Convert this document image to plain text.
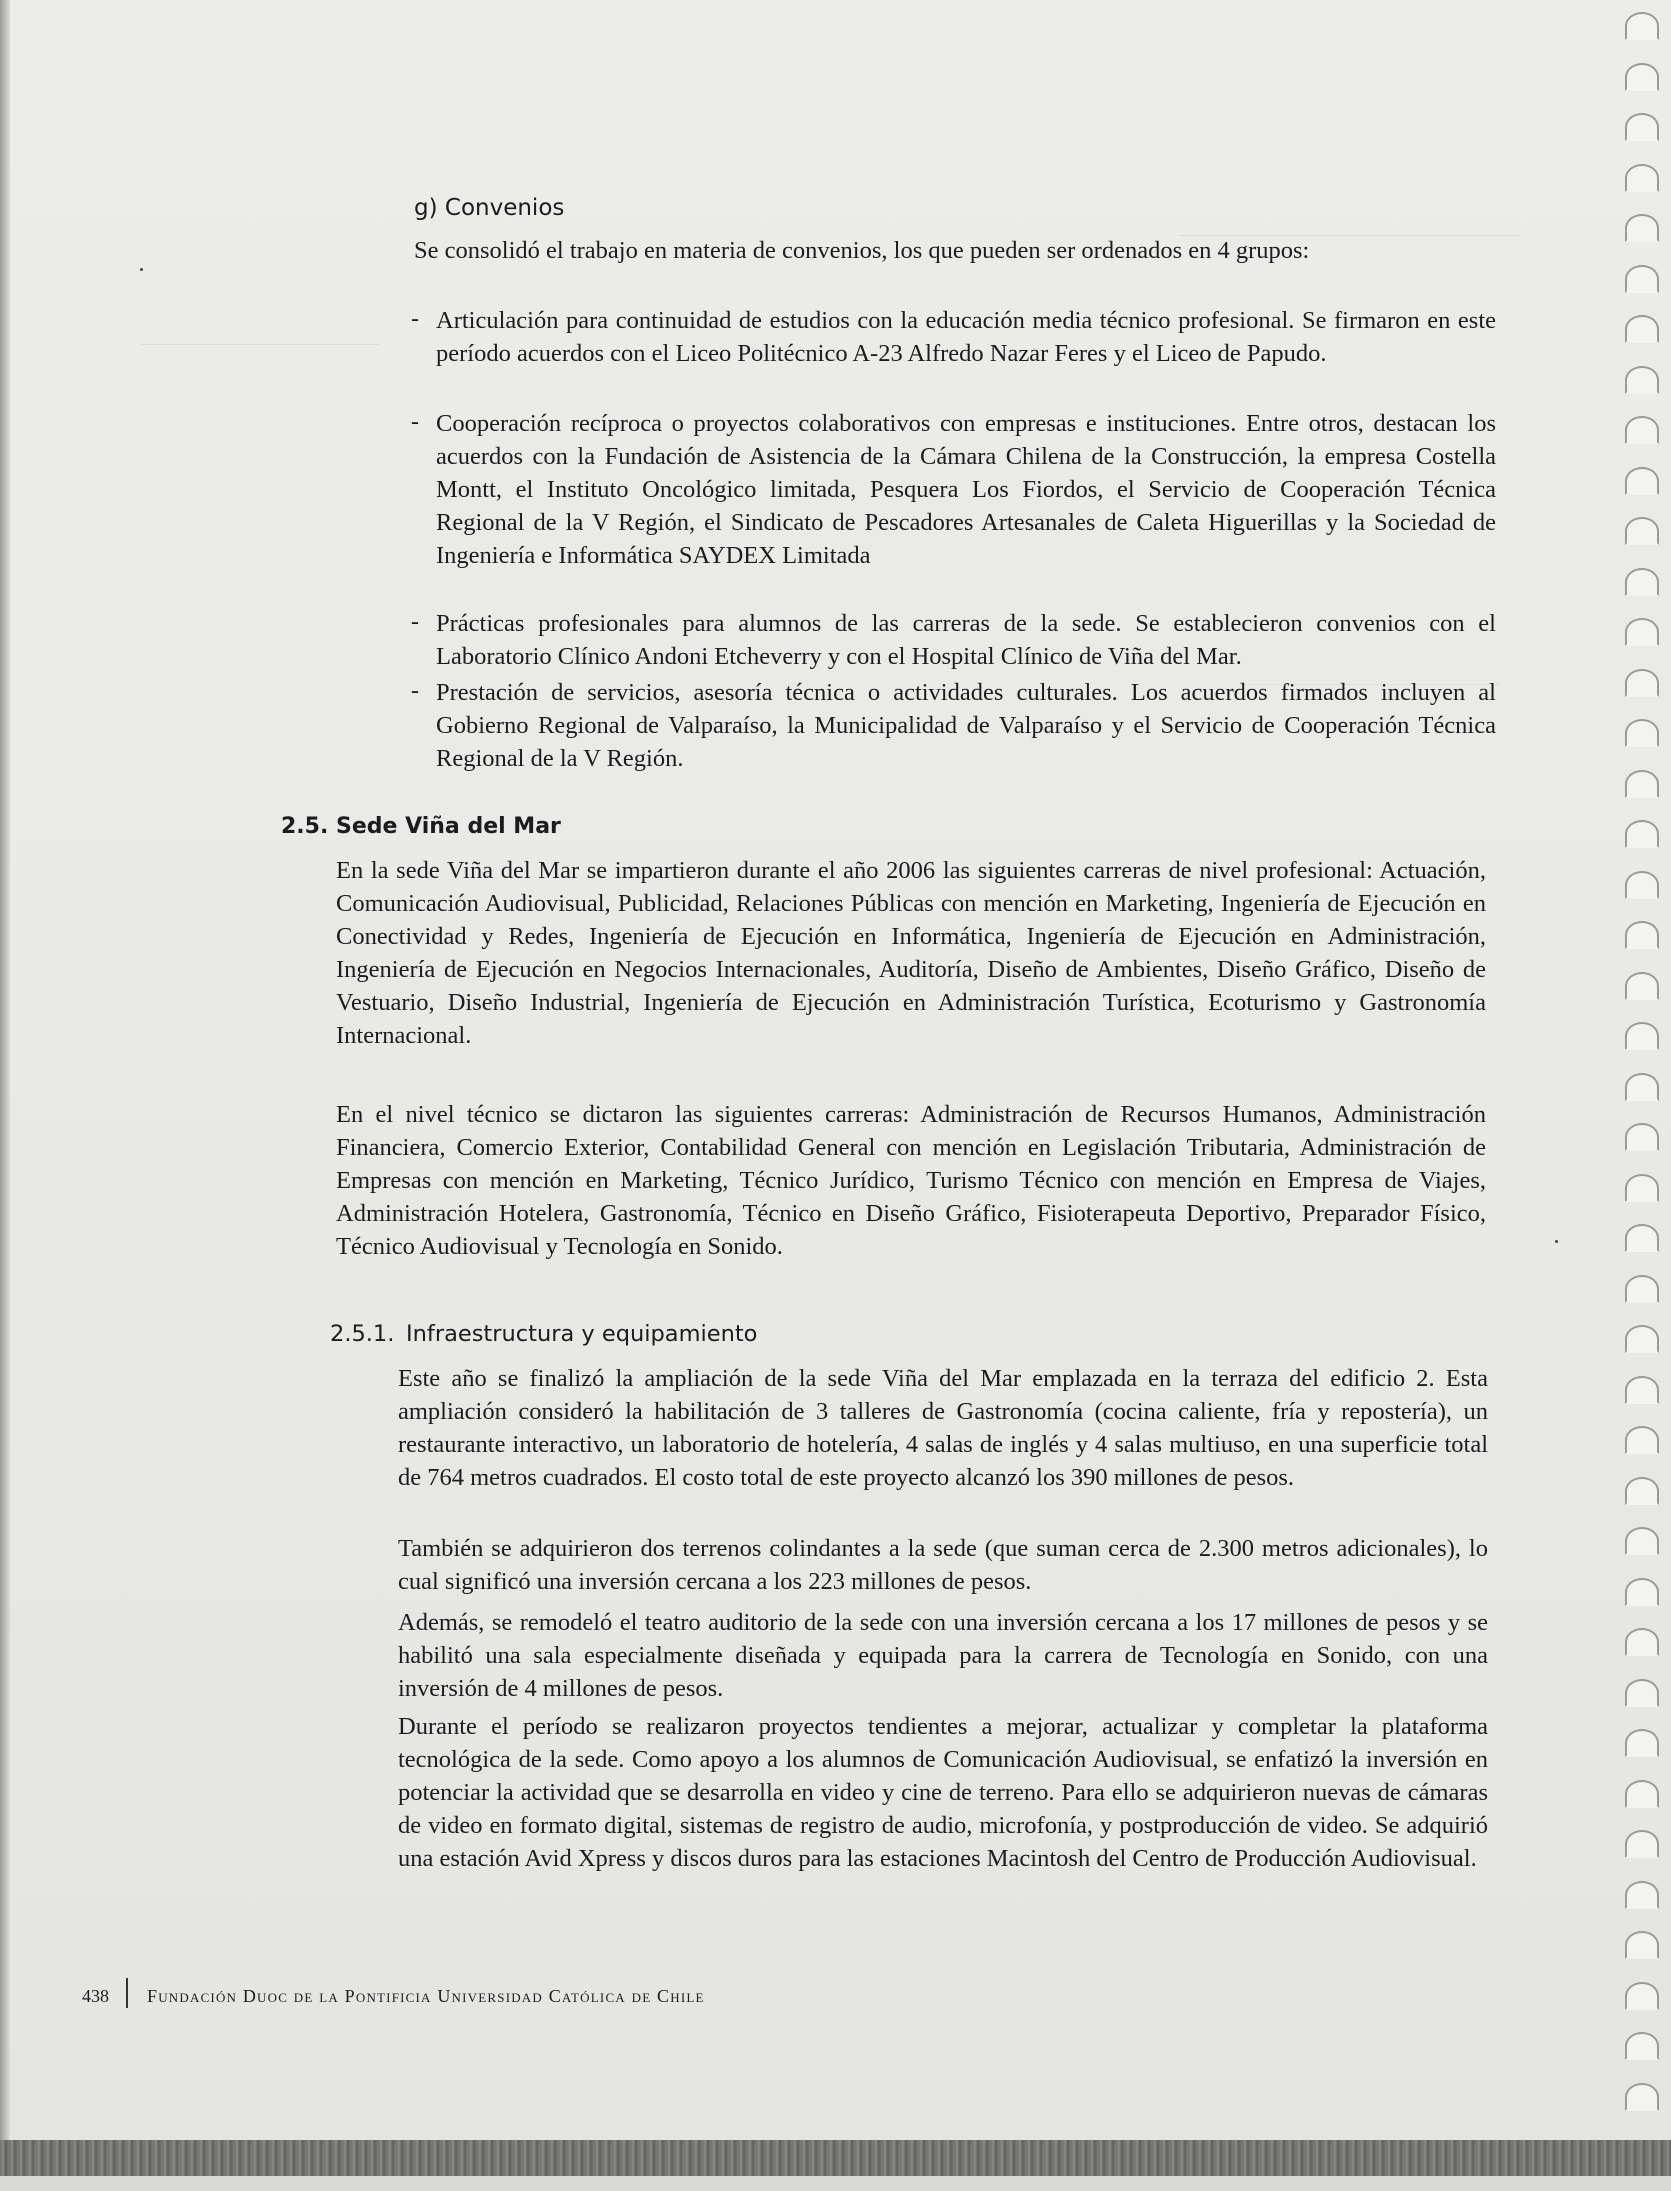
g) Convenios
Se consolidó el trabajo en materia de convenios, los que pueden ser ordenados en 4 grupos:
- Articulación para continuidad de estudios con la educación media técnico profesional. Se firmaron en este período acuerdos con el Liceo Politécnico A-23 Alfredo Nazar Feres y el Liceo de Papudo.
- Cooperación recíproca o proyectos colaborativos con empresas e instituciones. Entre otros, destacan los acuerdos con la Fundación de Asistencia de la Cámara Chilena de la Construcción, la empresa Costella Montt, el Instituto Oncológico limitada, Pesquera Los Fiordos, el Servicio de Cooperación Técnica Regional de la V Región, el Sindicato de Pescadores Artesanales de Caleta Higuerillas y la Sociedad de Ingeniería e Informática SAYDEX Limitada
- Prácticas profesionales para alumnos de las carreras de la sede. Se establecieron convenios con el Laboratorio Clínico Andoni Etcheverry y con el Hospital Clínico de Viña del Mar.
- Prestación de servicios, asesoría técnica o actividades culturales. Los acuerdos firmados incluyen al Gobierno Regional de Valparaíso, la Municipalidad de Valparaíso y el Servicio de Cooperación Técnica Regional de la V Región.
2.5. Sede Viña del Mar
En la sede Viña del Mar se impartieron durante el año 2006 las siguientes carreras de nivel profesional: Actuación, Comunicación Audiovisual, Publicidad, Relaciones Públicas con mención en Marketing, Ingeniería de Ejecución en Conectividad y Redes, Ingeniería de Ejecución en Informática, Ingeniería de Ejecución en Administración, Ingeniería de Ejecución en Negocios Internacionales, Auditoría, Diseño de Ambientes, Diseño Gráfico, Diseño de Vestuario, Diseño Industrial, Ingeniería de Ejecución en Administración Turística, Ecoturismo y Gastronomía Internacional.
En el nivel técnico se dictaron las siguientes carreras: Administración de Recursos Humanos, Administración Financiera, Comercio Exterior, Contabilidad General con mención en Legislación Tributaria, Administración de Empresas con mención en Marketing, Técnico Jurídico, Turismo Técnico con mención en Empresa de Viajes, Administración Hotelera, Gastronomía, Técnico en Diseño Gráfico, Fisioterapeuta Deportivo, Preparador Físico, Técnico Audiovisual y Tecnología en Sonido.
2.5.1. Infraestructura y equipamiento
Este año se finalizó la ampliación de la sede Viña del Mar emplazada en la terraza del edificio 2. Esta ampliación consideró la habilitación de 3 talleres de Gastronomía (cocina caliente, fría y repostería), un restaurante interactivo, un laboratorio de hotelería, 4 salas de inglés y 4 salas multiuso, en una superficie total de 764 metros cuadrados. El costo total de este proyecto alcanzó los 390 millones de pesos.
También se adquirieron dos terrenos colindantes a la sede (que suman cerca de 2.300 metros adicionales), lo cual significó una inversión cercana a los 223 millones de pesos.
Además, se remodeló el teatro auditorio de la sede con una inversión cercana a los 17 millones de pesos y se habilitó una sala especialmente diseñada y equipada para la carrera de Tecnología en Sonido, con una inversión de 4 millones de pesos.
Durante el período se realizaron proyectos tendientes a mejorar, actualizar y completar la plataforma tecnológica de la sede. Como apoyo a los alumnos de Comunicación Audiovisual, se enfatizó la inversión en potenciar la actividad que se desarrolla en video y cine de terreno. Para ello se adquirieron nuevas de cámaras de video en formato digital, sistemas de registro de audio, microfonía, y postproducción de video. Se adquirió una estación Avid Xpress y discos duros para las estaciones Macintosh del Centro de Producción Audiovisual.
438 Fundación Duoc de la Pontificia Universidad Católica de Chile
